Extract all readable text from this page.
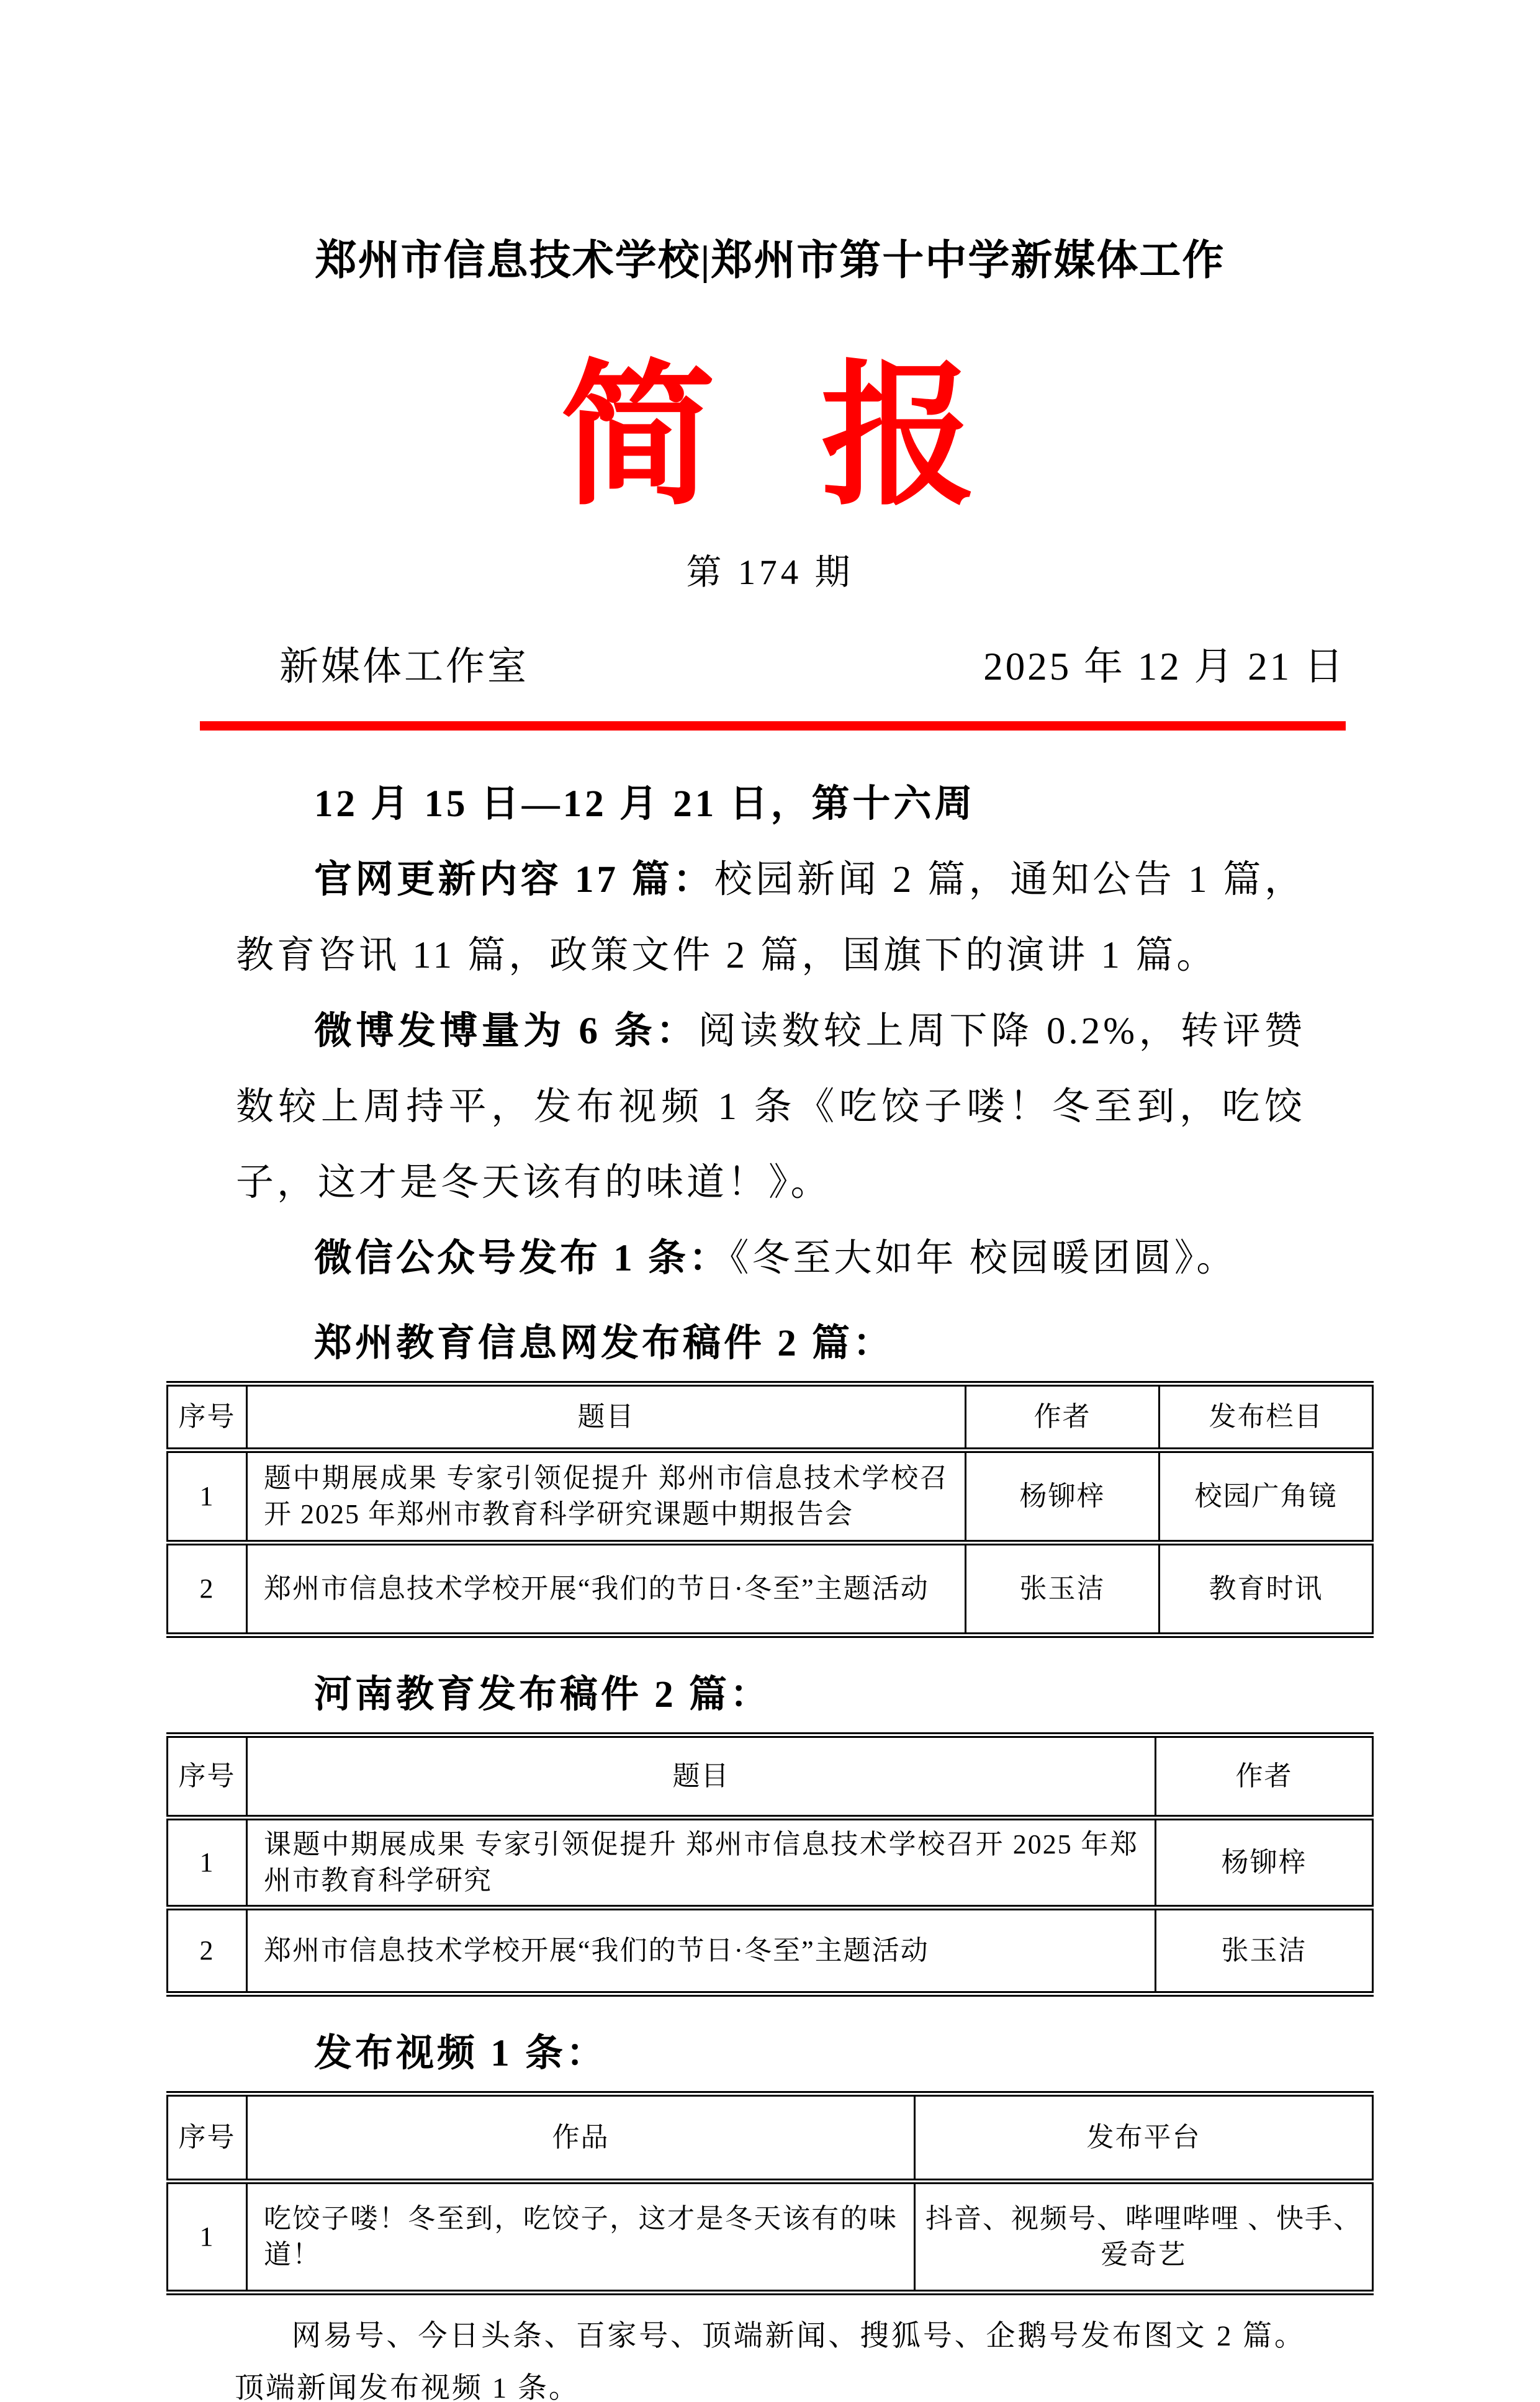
郑州市信息技术学校|郑州市第十中学新媒体工作
简 报
第 174 期
新媒体工作室	2025 年 12 月 21 日

12 月 15 日—12 月 21 日，第十六周

官网更新内容 17 篇：校园新闻 2 篇，通知公告 1 篇，教育咨讯 11 篇，政策文件 2 篇，国旗下的演讲 1 篇。

微博发博量为 6 条：阅读数较上周下降 0.2%，转评赞数较上周持平，发布视频 1 条《吃饺子喽！冬至到，吃饺子，这才是冬天该有的味道！》。

微信公众号发布 1 条：《冬至大如年 校园暖团圆》。

郑州教育信息网发布稿件 2 篇：
序号	题目	作者	发布栏目
1	题中期展成果 专家引领促提升 郑州市信息技术学校召开 2025 年郑州市教育科学研究课题中期报告会	杨铆梓	校园广角镜
2	郑州市信息技术学校开展“我们的节日·冬至”主题活动	张玉洁	教育时讯
河南教育发布稿件 2 篇：
序号	题目	作者
1	课题中期展成果 专家引领促提升 郑州市信息技术学校召开 2025 年郑州市教育科学研究	杨铆梓
2	郑州市信息技术学校开展“我们的节日·冬至”主题活动	张玉洁
发布视频 1 条：
序号	作品	发布平台
1	吃饺子喽！冬至到，吃饺子，这才是冬天该有的味道！	抖音、视频号、哔哩哔哩 、快手、爱奇艺

网易号、今日头条、百家号、顶端新闻、搜狐号、企鹅号发布图文 2 篇。顶端新闻发布视频 1 条。
